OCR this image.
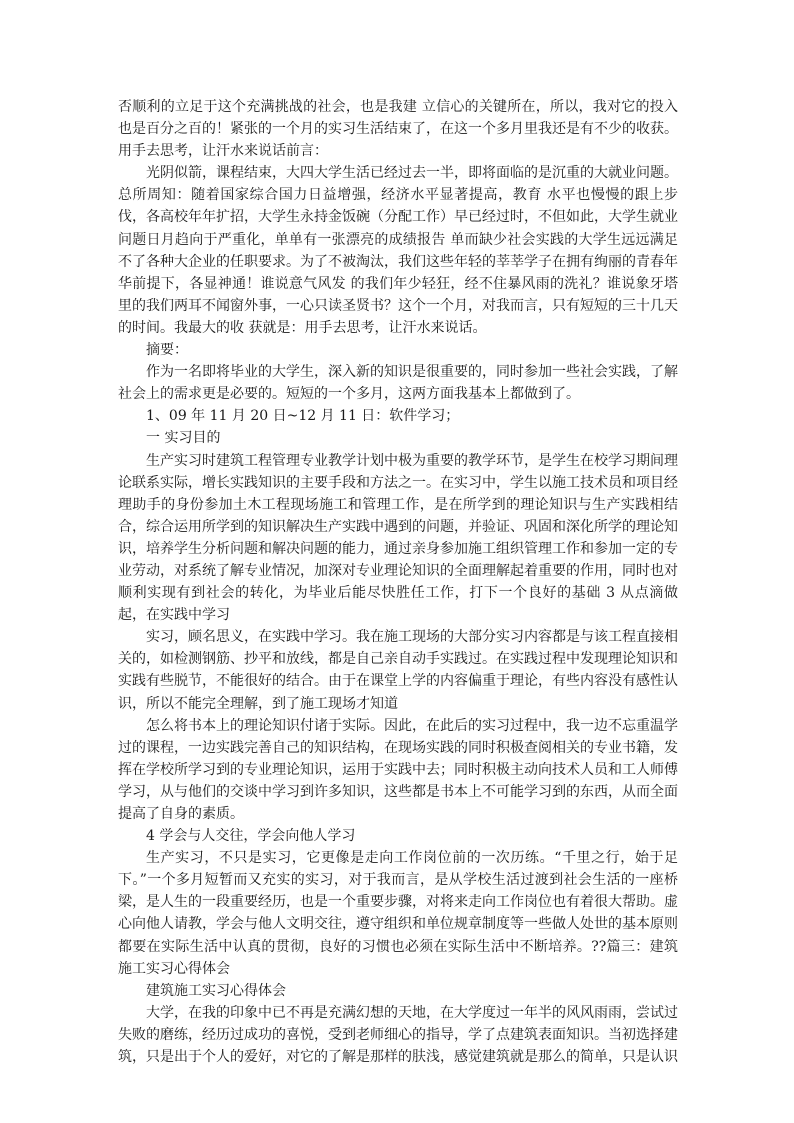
否顺利的立足于这个充满挑战的社会，也是我建 立信心的关键所在，所以，我对它的投入也是百分之百的！紧张的一个月的实习生活结束了，在这一个多月里我还是有不少的收获。用手去思考，让汗水来说话前言：

光阴似箭，课程结束，大四大学生活已经过去一半，即将面临的是沉重的大就业问题。总所周知：随着国家综合国力日益增强，经济水平显著提高，教育 水平也慢慢的跟上步伐，各高校年年扩招，大学生永持金饭碗（分配工作）早已经过时，不但如此，大学生就业问题日月趋向于严重化，单单有一张漂亮的成绩报告 单而缺少社会实践的大学生远远满足不了各种大企业的任职要求。为了不被淘汰，我们这些年轻的莘莘学子在拥有绚丽的青春年华前提下，各显神通！谁说意气风发 的我们年少轻狂，经不住暴风雨的洗礼？谁说象牙塔里的我们两耳不闻窗外事，一心只读圣贤书？这个一个月，对我而言，只有短短的三十几天的时间。我最大的收 获就是：用手去思考，让汗水来说话。

摘要：

作为一名即将毕业的大学生，深入新的知识是很重要的，同时参加一些社会实践，了解社会上的需求更是必要的。短短的一个多月，这两方面我基本上都做到了。

1、09 年 11 月 20 日~12 月 11 日：软件学习；

一 实习目的

生产实习时建筑工程管理专业教学计划中极为重要的教学环节，是学生在校学习期间理论联系实际，增长实践知识的主要手段和方法之一。在实习中，学生以施工技术员和项目经理助手的身份参加土木工程现场施工和管理工作，是在所学到的理论知识与生产实践相结合，综合运用所学到的知识解决生产实践中遇到的问题，并验证、巩固和深化所学的理论知识，培养学生分析问题和解决问题的能力，通过亲身参加施工组织管理工作和参加一定的专业劳动，对系统了解专业情况，加深对专业理论知识的全面理解起着重要的作用，同时也对顺利实现有到社会的转化，为毕业后能尽快胜任工作，打下一个良好的基础 3 从点滴做起，在实践中学习

实习，顾名思义，在实践中学习。我在施工现场的大部分实习内容都是与该工程直接相关的，如检测钢筋、抄平和放线，都是自己亲自动手实践过。在实践过程中发现理论知识和实践有些脱节，不能很好的结合。由于在课堂上学的内容偏重于理论，有些内容没有感性认识，所以不能完全理解，到了施工现场才知道

怎么将书本上的理论知识付诸于实际。因此，在此后的实习过程中，我一边不忘重温学过的课程，一边实践完善自己的知识结构，在现场实践的同时积极查阅相关的专业书籍，发挥在学校所学习到的专业理论知识，运用于实践中去；同时积极主动向技术人员和工人师傅学习，从与他们的交谈中学习到许多知识，这些都是书本上不可能学习到的东西，从而全面提高了自身的素质。

4 学会与人交往，学会向他人学习

生产实习，不只是实习，它更像是走向工作岗位前的一次历练。“千里之行，始于足下。”一个多月短暂而又充实的实习，对于我而言，是从学校生活过渡到社会生活的一座桥梁，是人生的一段重要经历，也是一个重要步骤，对将来走向工作岗位也有着很大帮助。虚心向他人请教，学会与他人文明交往，遵守组织和单位规章制度等一些做人处世的基本原则都要在实际生活中认真的贯彻，良好的习惯也必须在实际生活中不断培养。??篇三：建筑施工实习心得体会

建筑施工实习心得体会

大学，在我的印象中已不再是充满幻想的天地，在大学度过一年半的风风雨雨，尝试过失败的磨练，经历过成功的喜悦，受到老师细心的指导，学了点建筑表面知识。当初选择建筑，只是出于个人的爱好，对它的了解是那样的肤浅，感觉建筑就是那么的简单，只是认识
